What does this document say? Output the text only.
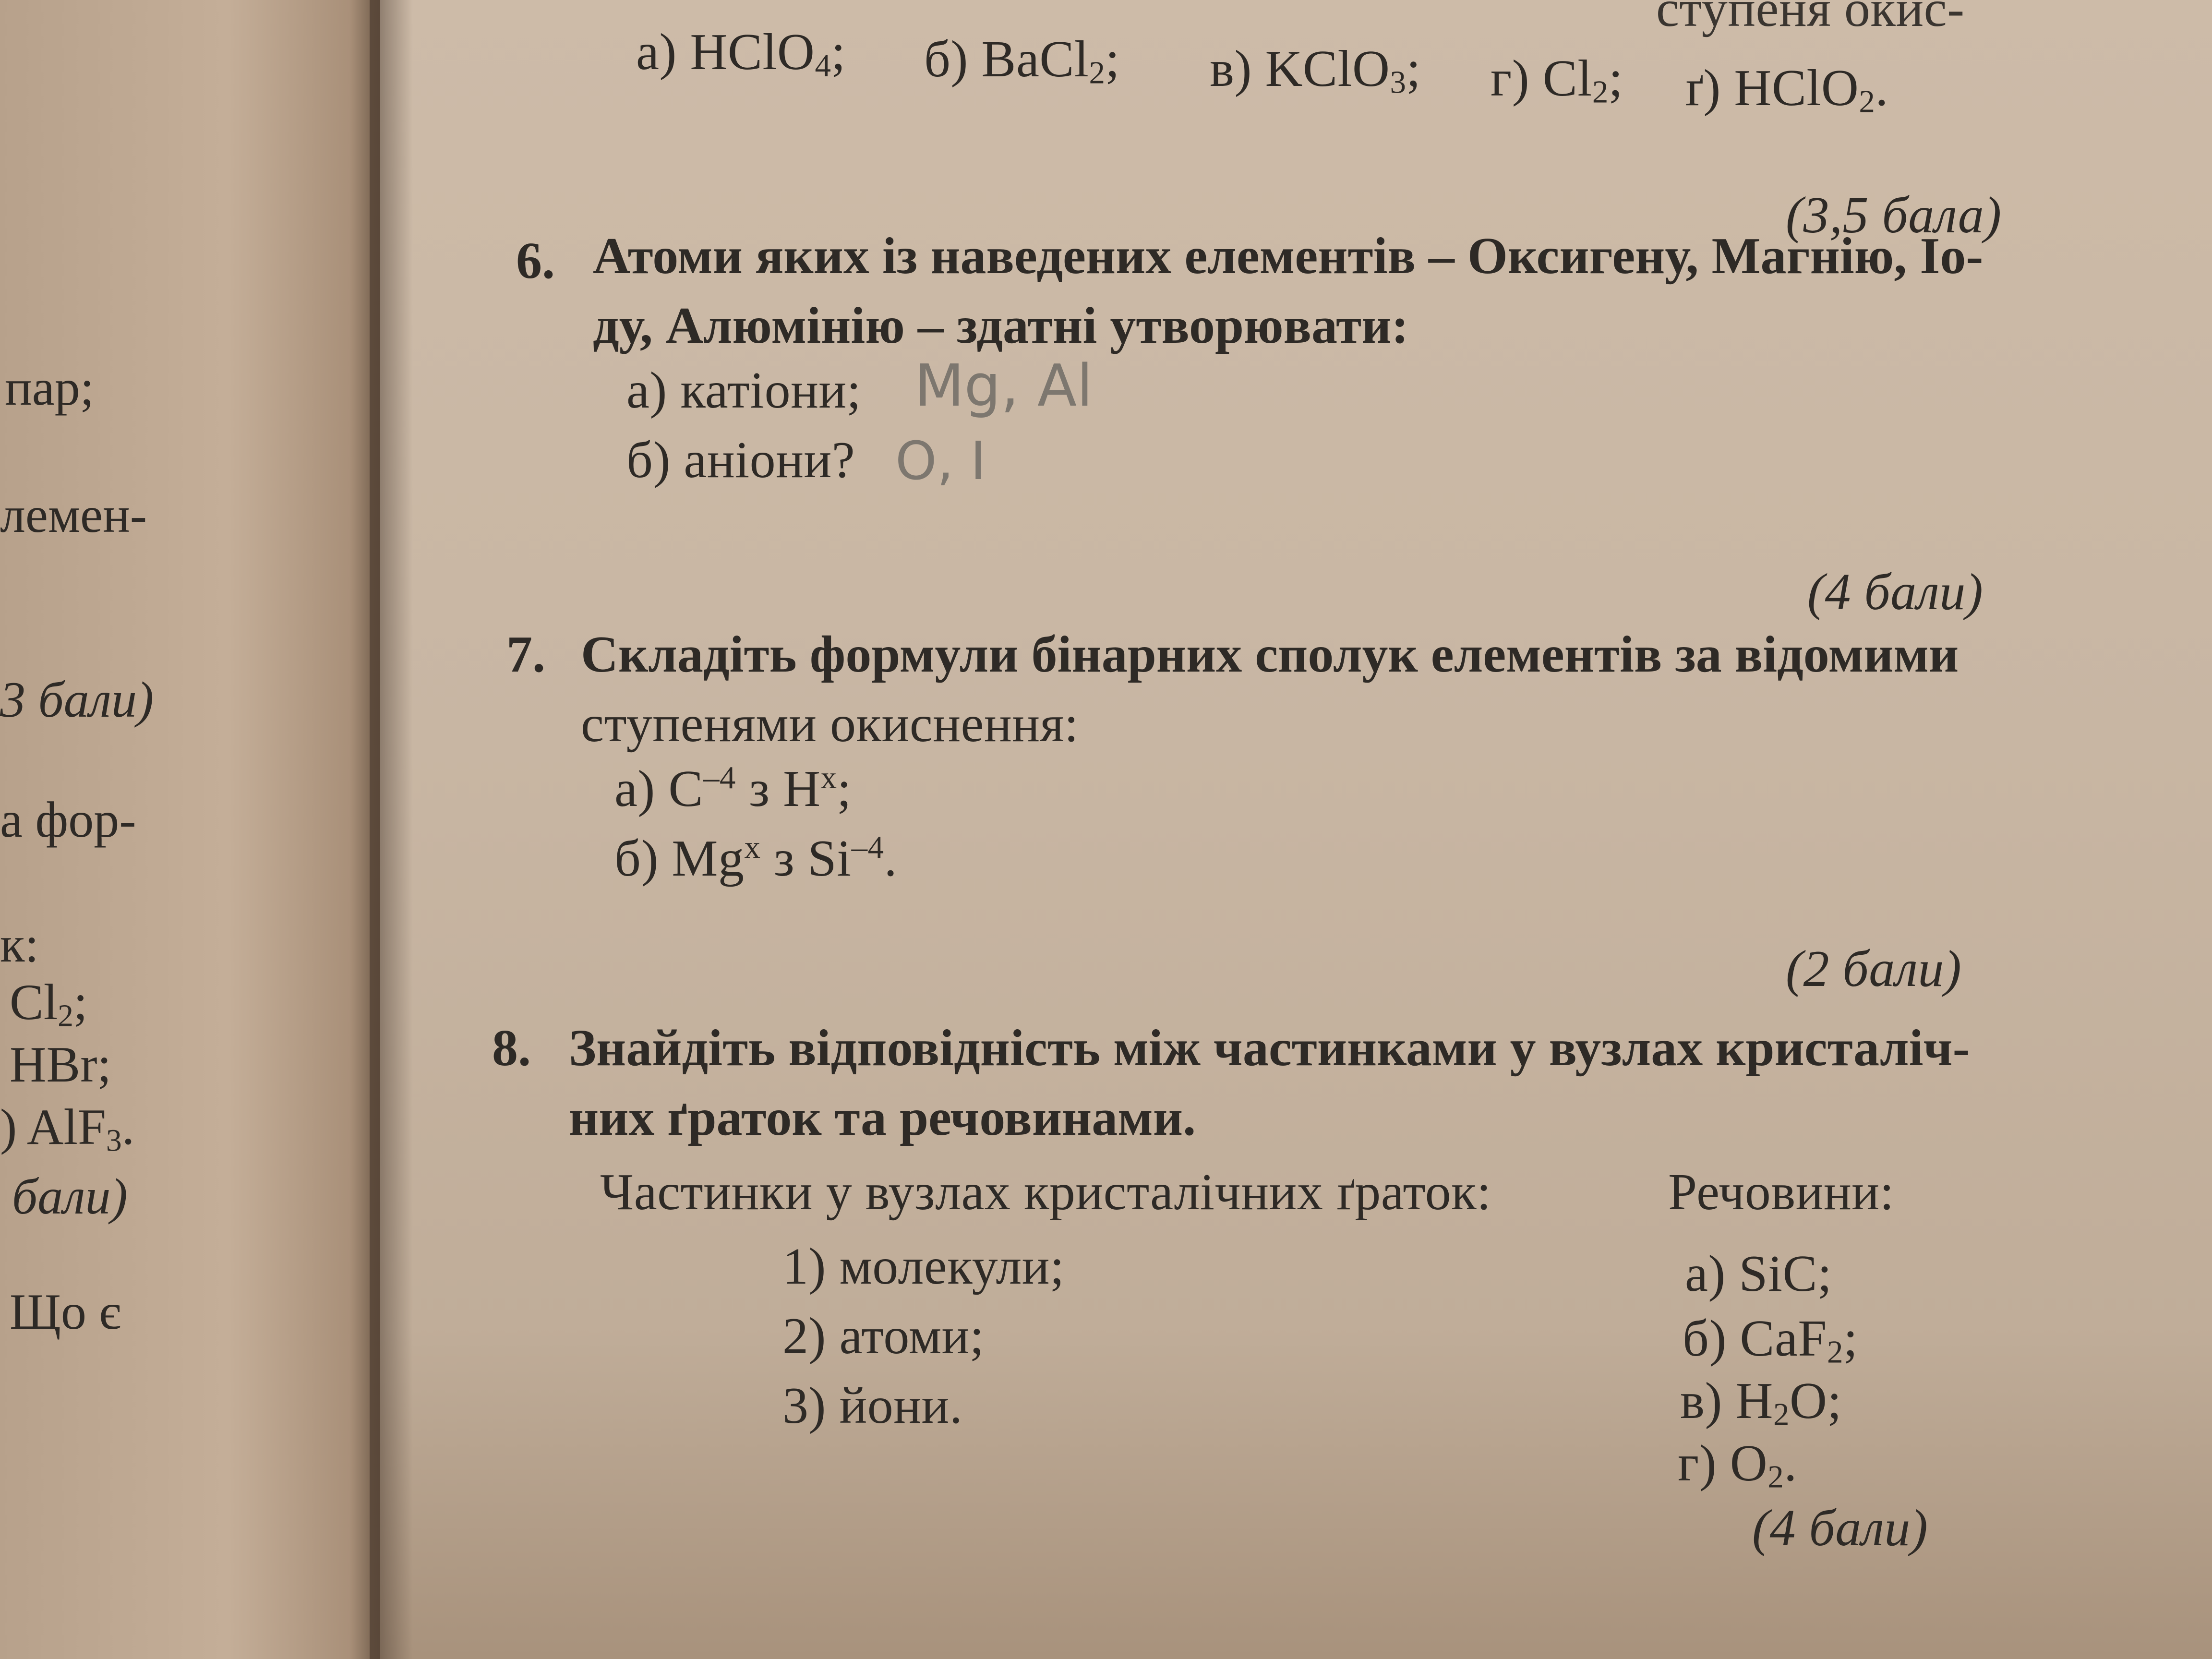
пар;
лемен-
3 бали)
а фор-
к:
$Cl_2$;
HBr;
) AlF$_3$.
бали)
Що є
ступеня окис-
а) HClO$_4$; б) BaCl$_2$; в) KClO$_3$; г) $Cl_2$; ґ) HClO$_2$.
(3,5 бала)
6. Атоми яких із наведених елементів – Оксигену, Магнію, Іо-
ду, Алюмінію – здатні утворювати:
а) катіони; Mg, Al
б) аніони? O, I
(4 бали)
7. Складіть формули бінарних сполук елементів за відомими
ступенями окиснення:
а) $C^{-4}$ з $H^x$;
б) Mg$^x$ з $Si^{-4}$.
(2 бали)
8. Знайдіть відповідність між частинками у вузлах кристаліч-
них ґраток та речовинами.
Частинки у вузлах кристалічних ґраток:	Речовини:
1) молекули;
2) атоми;
3) йони.
а) SiC;
б) CaF$_2$;
в) $H_2O$;
г) $O_2$.
(4 бали)
